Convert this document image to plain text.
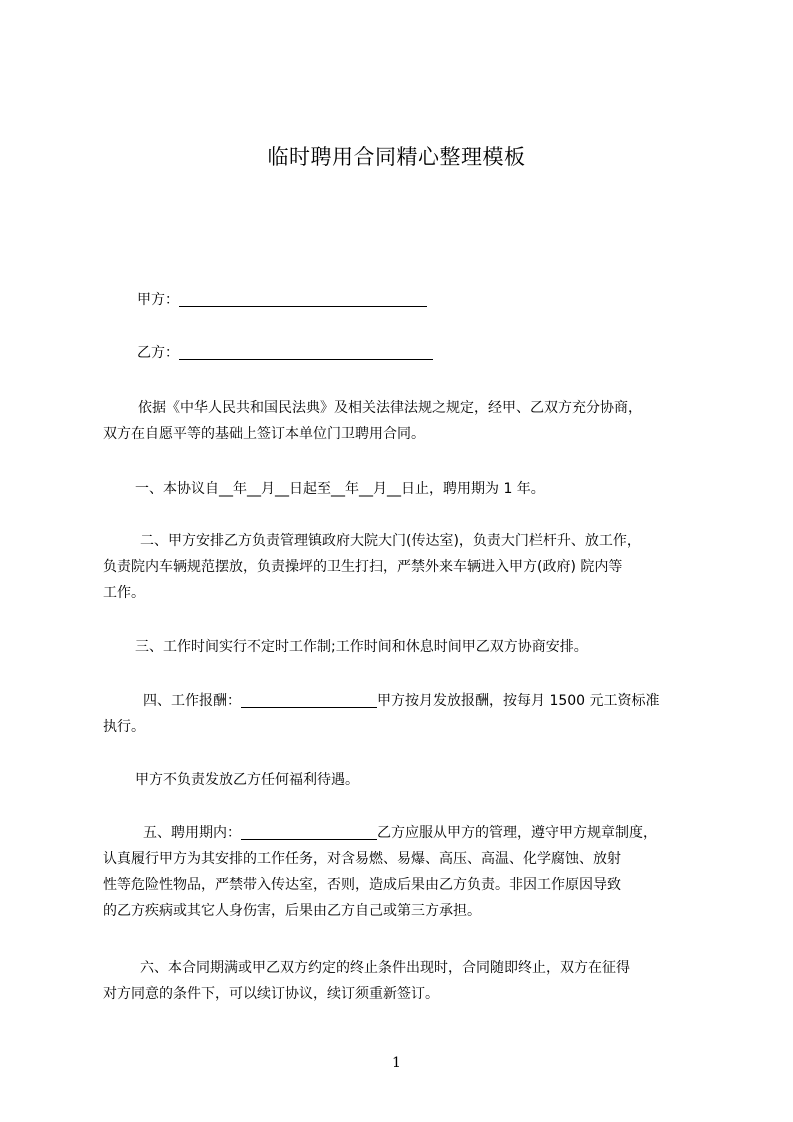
临时聘用合同精心整理模板
甲方：
乙方：
依据《中华人民共和国民法典》及相关法律法规之规定，经甲、乙双方充分协商，
双方在自愿平等的基础上签订本单位门卫聘用合同。
一、本协议自__年__月__日起至__年__月__日止，聘用期为 1 年。
二、甲方安排乙方负责管理镇政府大院大门(传达室)，负责大门栏杆升、放工作，
负责院内车辆规范摆放，负责操坪的卫生打扫，严禁外来车辆进入甲方(政府) 院内等
工作。
三、工作时间实行不定时工作制;工作时间和休息时间甲乙双方协商安排。
四、工作报酬：	甲方按月发放报酬，按每月 1500 元工资标准
执行。
甲方不负责发放乙方任何福利待遇。
五、聘用期内：	乙方应服从甲方的管理，遵守甲方规章制度，
认真履行甲方为其安排的工作任务，对含易燃、易爆、高压、高温、化学腐蚀、放射
性等危险性物品，严禁带入传达室，否则，造成后果由乙方负责。非因工作原因导致
的乙方疾病或其它人身伤害，后果由乙方自己或第三方承担。
六、本合同期满或甲乙双方约定的终止条件出现时，合同随即终止，双方在征得
对方同意的条件下，可以续订协议，续订须重新签订。
1
